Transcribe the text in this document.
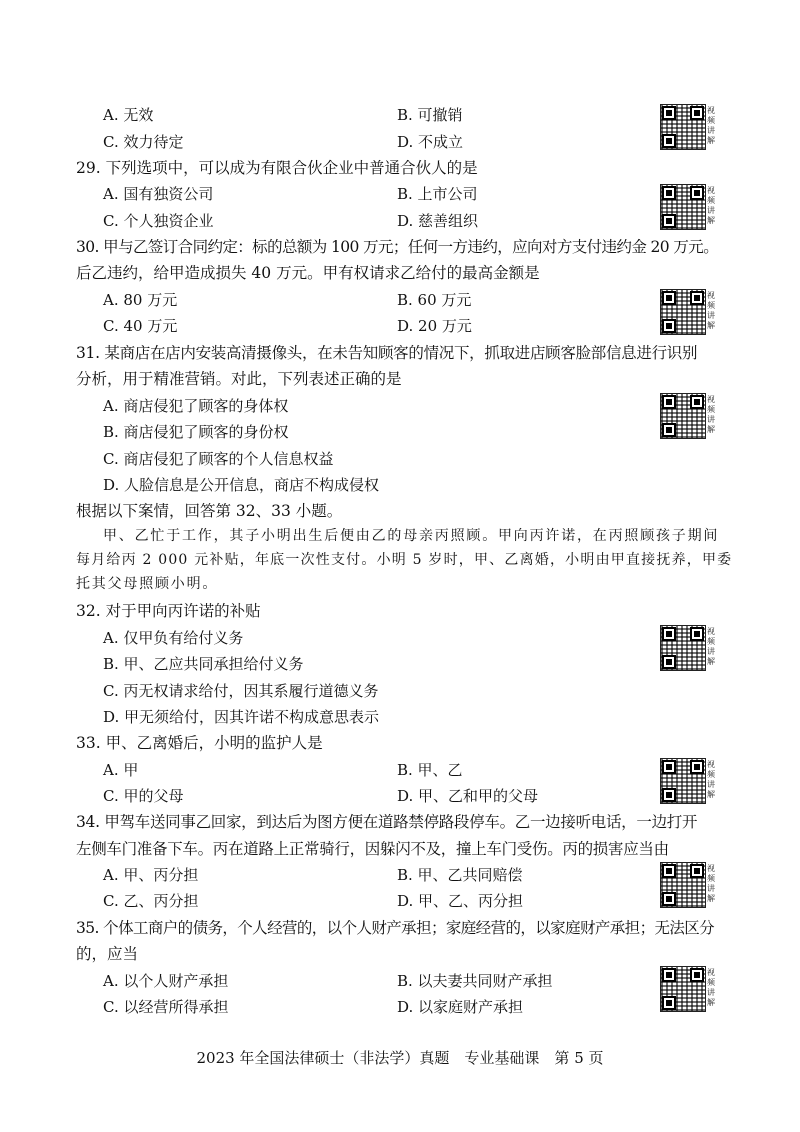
A. 无效	B. 可撤销
C. 效力待定	D. 不成立
视频讲解
29. 下列选项中，可以成为有限合伙企业中普通合伙人的是
A. 国有独资公司	B. 上市公司
C. 个人独资企业	D. 慈善组织
视频讲解
30. 甲与乙签订合同约定：标的总额为 100 万元；任何一方违约，应向对方支付违约金 20 万元。
后乙违约，给甲造成损失 40 万元。甲有权请求乙给付的最高金额是
A. 80 万元	B. 60 万元
C. 40 万元	D. 20 万元
视频讲解
31. 某商店在店内安装高清摄像头，在未告知顾客的情况下，抓取进店顾客脸部信息进行识别
分析，用于精准营销。对此，下列表述正确的是
A. 商店侵犯了顾客的身体权
B. 商店侵犯了顾客的身份权
C. 商店侵犯了顾客的个人信息权益
D. 人脸信息是公开信息，商店不构成侵权
视频讲解
根据以下案情，回答第 32、33 小题。
甲、乙忙于工作，其子小明出生后便由乙的母亲丙照顾。甲向丙许诺，在丙照顾孩子期间
每月给丙 2 000 元补贴，年底一次性支付。小明 5 岁时，甲、乙离婚，小明由甲直接抚养，甲委
托其父母照顾小明。
32. 对于甲向丙许诺的补贴
A. 仅甲负有给付义务
B. 甲、乙应共同承担给付义务
C. 丙无权请求给付，因其系履行道德义务
D. 甲无须给付，因其许诺不构成意思表示
视频讲解
33. 甲、乙离婚后，小明的监护人是
A. 甲	B. 甲、乙
C. 甲的父母	D. 甲、乙和甲的父母
视频讲解
34. 甲驾车送同事乙回家，到达后为图方便在道路禁停路段停车。乙一边接听电话，一边打开
左侧车门准备下车。丙在道路上正常骑行，因躲闪不及，撞上车门受伤。丙的损害应当由
A. 甲、丙分担	B. 甲、乙共同赔偿
C. 乙、丙分担	D. 甲、乙、丙分担
视频讲解
35. 个体工商户的债务，个人经营的，以个人财产承担；家庭经营的，以家庭财产承担；无法区分
的，应当
A. 以个人财产承担	B. 以夫妻共同财产承担
C. 以经营所得承担	D. 以家庭财产承担
视频讲解
2023 年全国法律硕士（非法学）真题　专业基础课　第 5 页
